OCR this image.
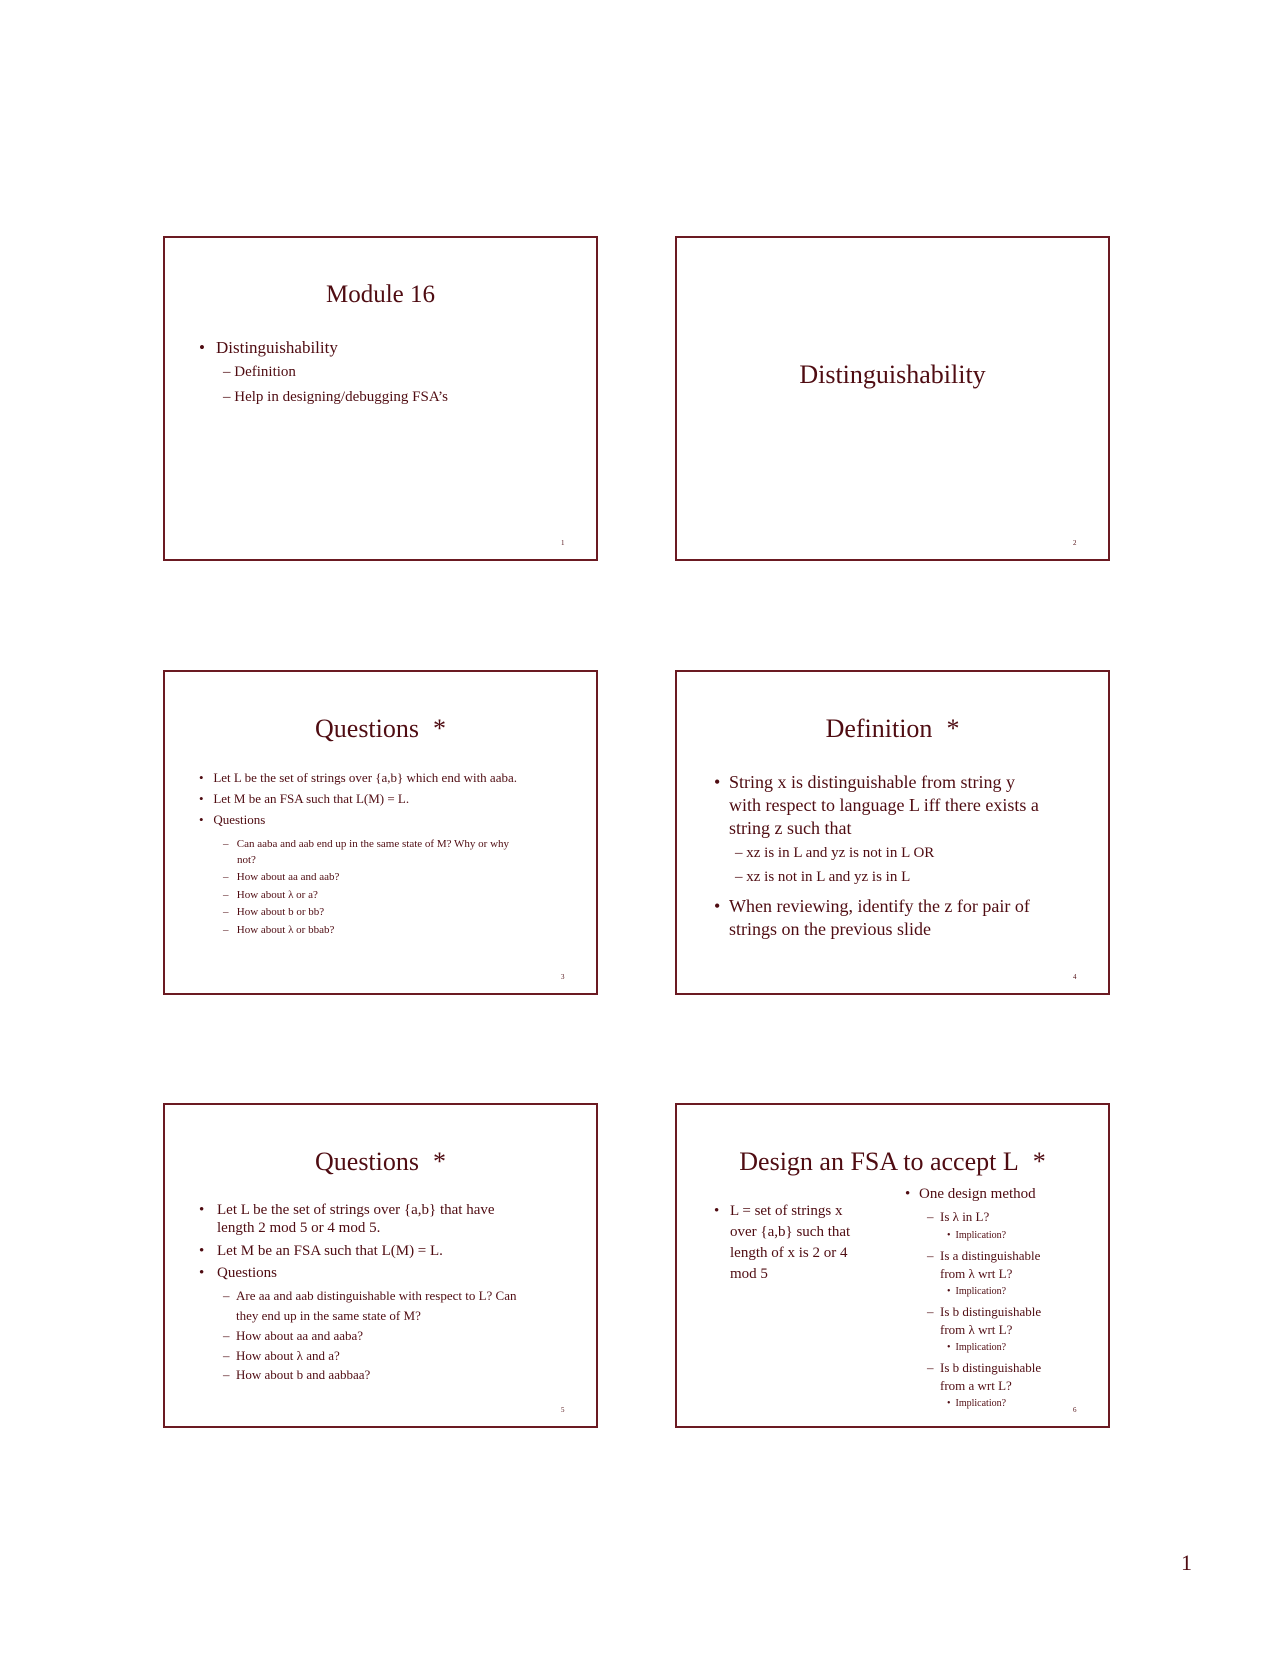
Module 16
• Distinguishability
– Definition
– Help in designing/debugging FSA’s
1
Distinguishability
2
Questions *
•   Let L be the set of strings over {a,b} which end with aaba.
•   Let M be an FSA such that L(M) = L.
•   Questions
–   Can aaba and aab end up in the same state of M? Why or why
not?
–   How about aa and aab?
–   How about λ or a?
–   How about b or bb?
–   How about λ or bbab?
3
Definition *
• String x is distinguishable from string y
with respect to language L iff there exists a
string z such that
– xz is in L and yz is not in L OR
– xz is not in L and yz is in L
• When reviewing, identify the z for pair of
strings on the previous slide
4
Questions *
• Let L be the set of strings over {a,b} that have
length 2 mod 5 or 4 mod 5.
• Let M be an FSA such that L(M) = L.
• Questions
–  Are aa and aab distinguishable with respect to L? Can
they end up in the same state of M?
–  How about aa and aaba?
–  How about λ and a?
–  How about b and aabbaa?
5
Design an FSA to accept L *
• L = set of strings x
over {a,b} such that
length of x is 2 or 4
mod 5
• One design method
–  Is λ in L?
•  Implication?
–  Is a distinguishable
from λ wrt L?
•  Implication?
–  Is b distinguishable
from λ wrt L?
•  Implication?
–  Is b distinguishable
from a wrt L?
•  Implication?
6
1
